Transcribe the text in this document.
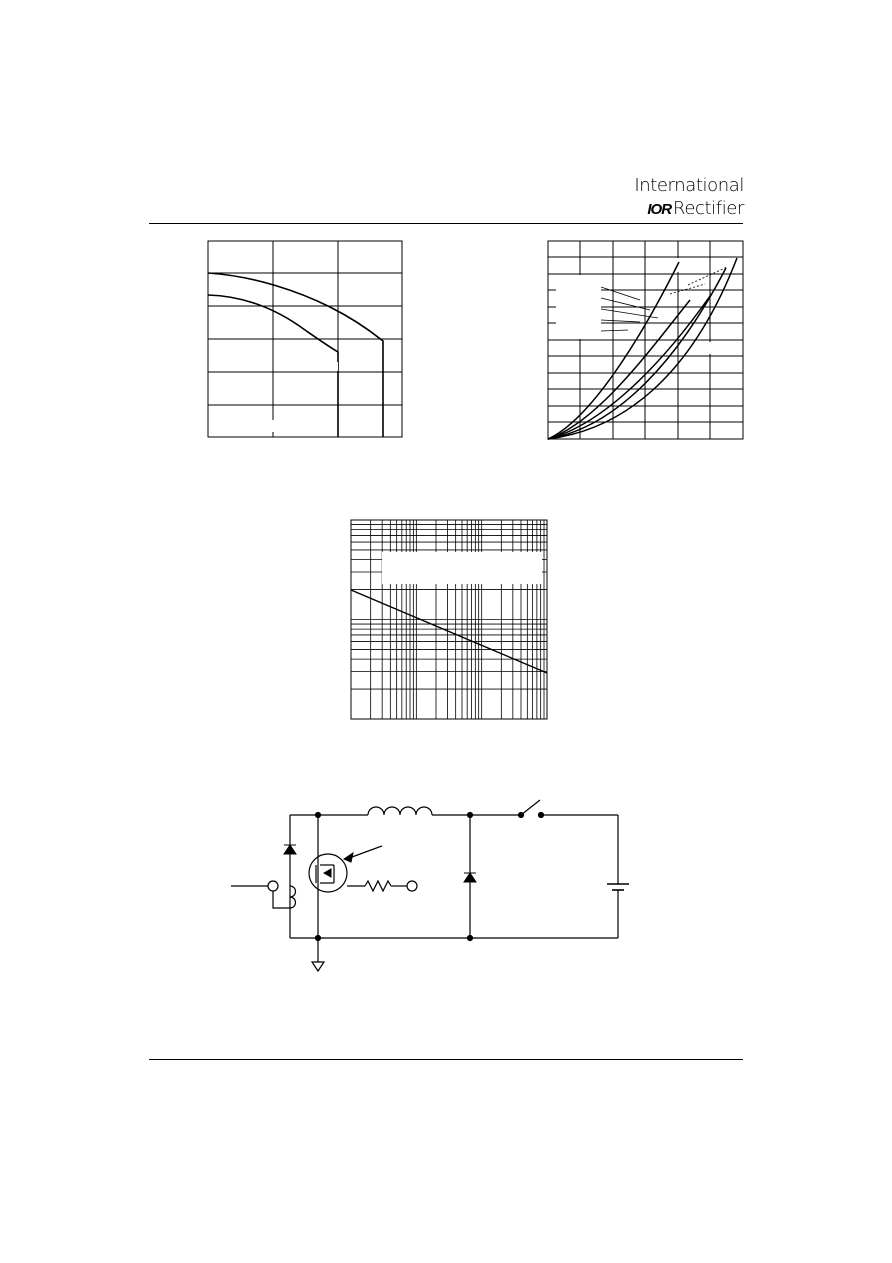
International
IOR Rectifier
